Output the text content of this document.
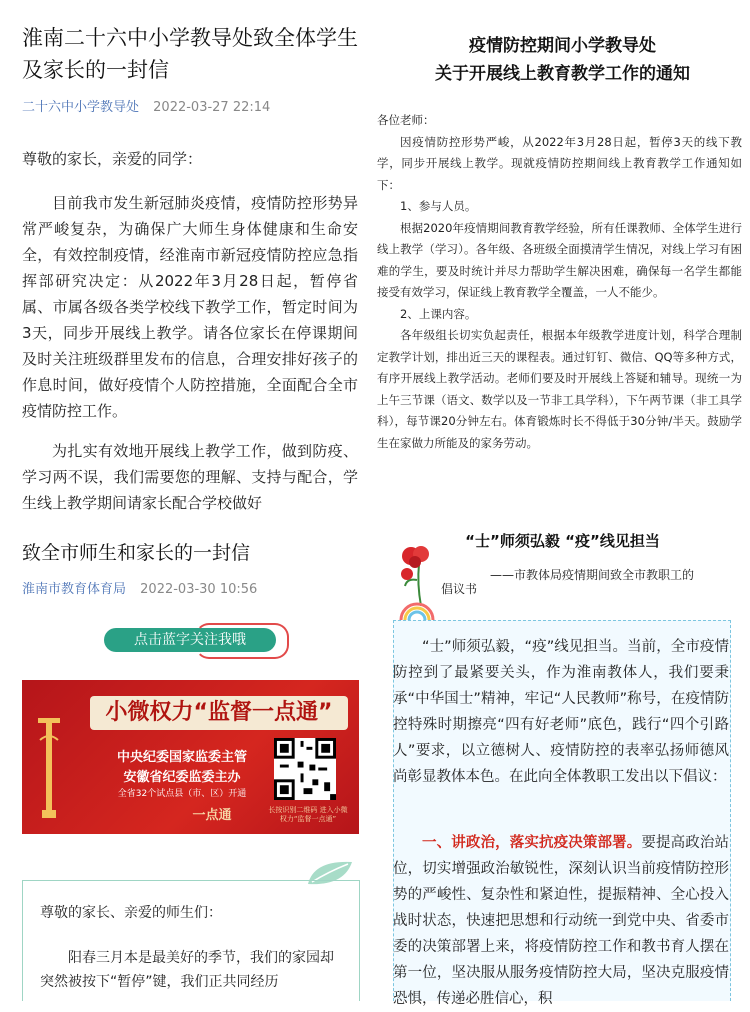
淮南二十六中小学教导处致全体学生及家长的一封信
二十六中小学教导处 2022-03-27 22:14
尊敬的家长，亲爱的同学：
目前我市发生新冠肺炎疫情，疫情防控形势异常严峻复杂，为确保广大师生身体健康和生命安全，有效控制疫情，经淮南市新冠疫情防控应急指挥部研究决定：从2022年3月28日起，暂停省属、市属各级各类学校线下教学工作，暂定时间为3天，同步开展线上教学。请各位家长在停课期间及时关注班级群里发布的信息，合理安排好孩子的作息时间，做好疫情个人防控措施，全面配合全市疫情防控工作。
为扎实有效地开展线上教学工作，做到防疫、学习两不误，我们需要您的理解、支持与配合，学生线上教学期间请家长配合学校做好
疫情防控期间小学教导处
关于开展线上教育教学工作的通知

各位老师：

因疫情防控形势严峻，从2022年3月28日起，暂停3天的线下教学，同步开展线上教学。现就疫情防控期间线上教育教学工作通知如下：

1、参与人员。

根据2020年疫情期间教育教学经验，所有任课教师、全体学生进行线上教学（学习）。各年级、各班级全面摸清学生情况，对线上学习有困难的学生，要及时统计并尽力帮助学生解决困难，确保每一名学生都能接受有效学习，保证线上教育教学全覆盖，一人不能少。

2、上课内容。

各年级组长切实负起责任，根据本年级教学进度计划，科学合理制定教学计划，排出近三天的课程表。通过钉钉、微信、QQ等多种方式，有序开展线上教学活动。老师们要及时开展线上答疑和辅导。现统一为上午三节课（语文、数学以及一节非工具学科），下午两节课（非工具学科），每节课20分钟左右。体育锻炼时长不得低于30分钟/半天。鼓励学生在家做力所能及的家务劳动。

致全市师生和家长的一封信
淮南市教育体育局 2022-03-30 10:56
点击蓝字关注我哦
小微权力“监督一点通”
中央纪委国家监委主管
安徽省纪委监委主办
全省32个试点县（市、区）开通
一点通	长按识别二维码 进入小微权力“监督一点通”
尊敬的家长、亲爱的师生们：
阳春三月本是最美好的季节，我们的家园却突然被按下“暂停”键，我们正共同经历
“士”师须弘毅 “疫”线见担当
——市教体局疫情期间致全市教职工的
倡议书
“士”师须弘毅，“疫”线见担当。当前，全市疫情防控到了最紧要关头，作为淮南教体人，我们要秉承“中华国士”精神，牢记“人民教师”称号，在疫情防控特殊时期擦亮“四有好老师”底色，践行“四个引路人”要求，以立德树人、疫情防控的表率弘扬师德风尚彰显教体本色。在此向全体教职工发出以下倡议：
一、讲政治，落实抗疫决策部署。要提高政治站位，切实增强政治敏锐性，深刻认识当前疫情防控形势的严峻性、复杂性和紧迫性，提振精神、全心投入战时状态，快速把思想和行动统一到党中央、省委市委的决策部署上来，将疫情防控工作和教书育人摆在第一位，坚决服从服务疫情防控大局，坚决克服疫情恐惧，传递必胜信心，积
